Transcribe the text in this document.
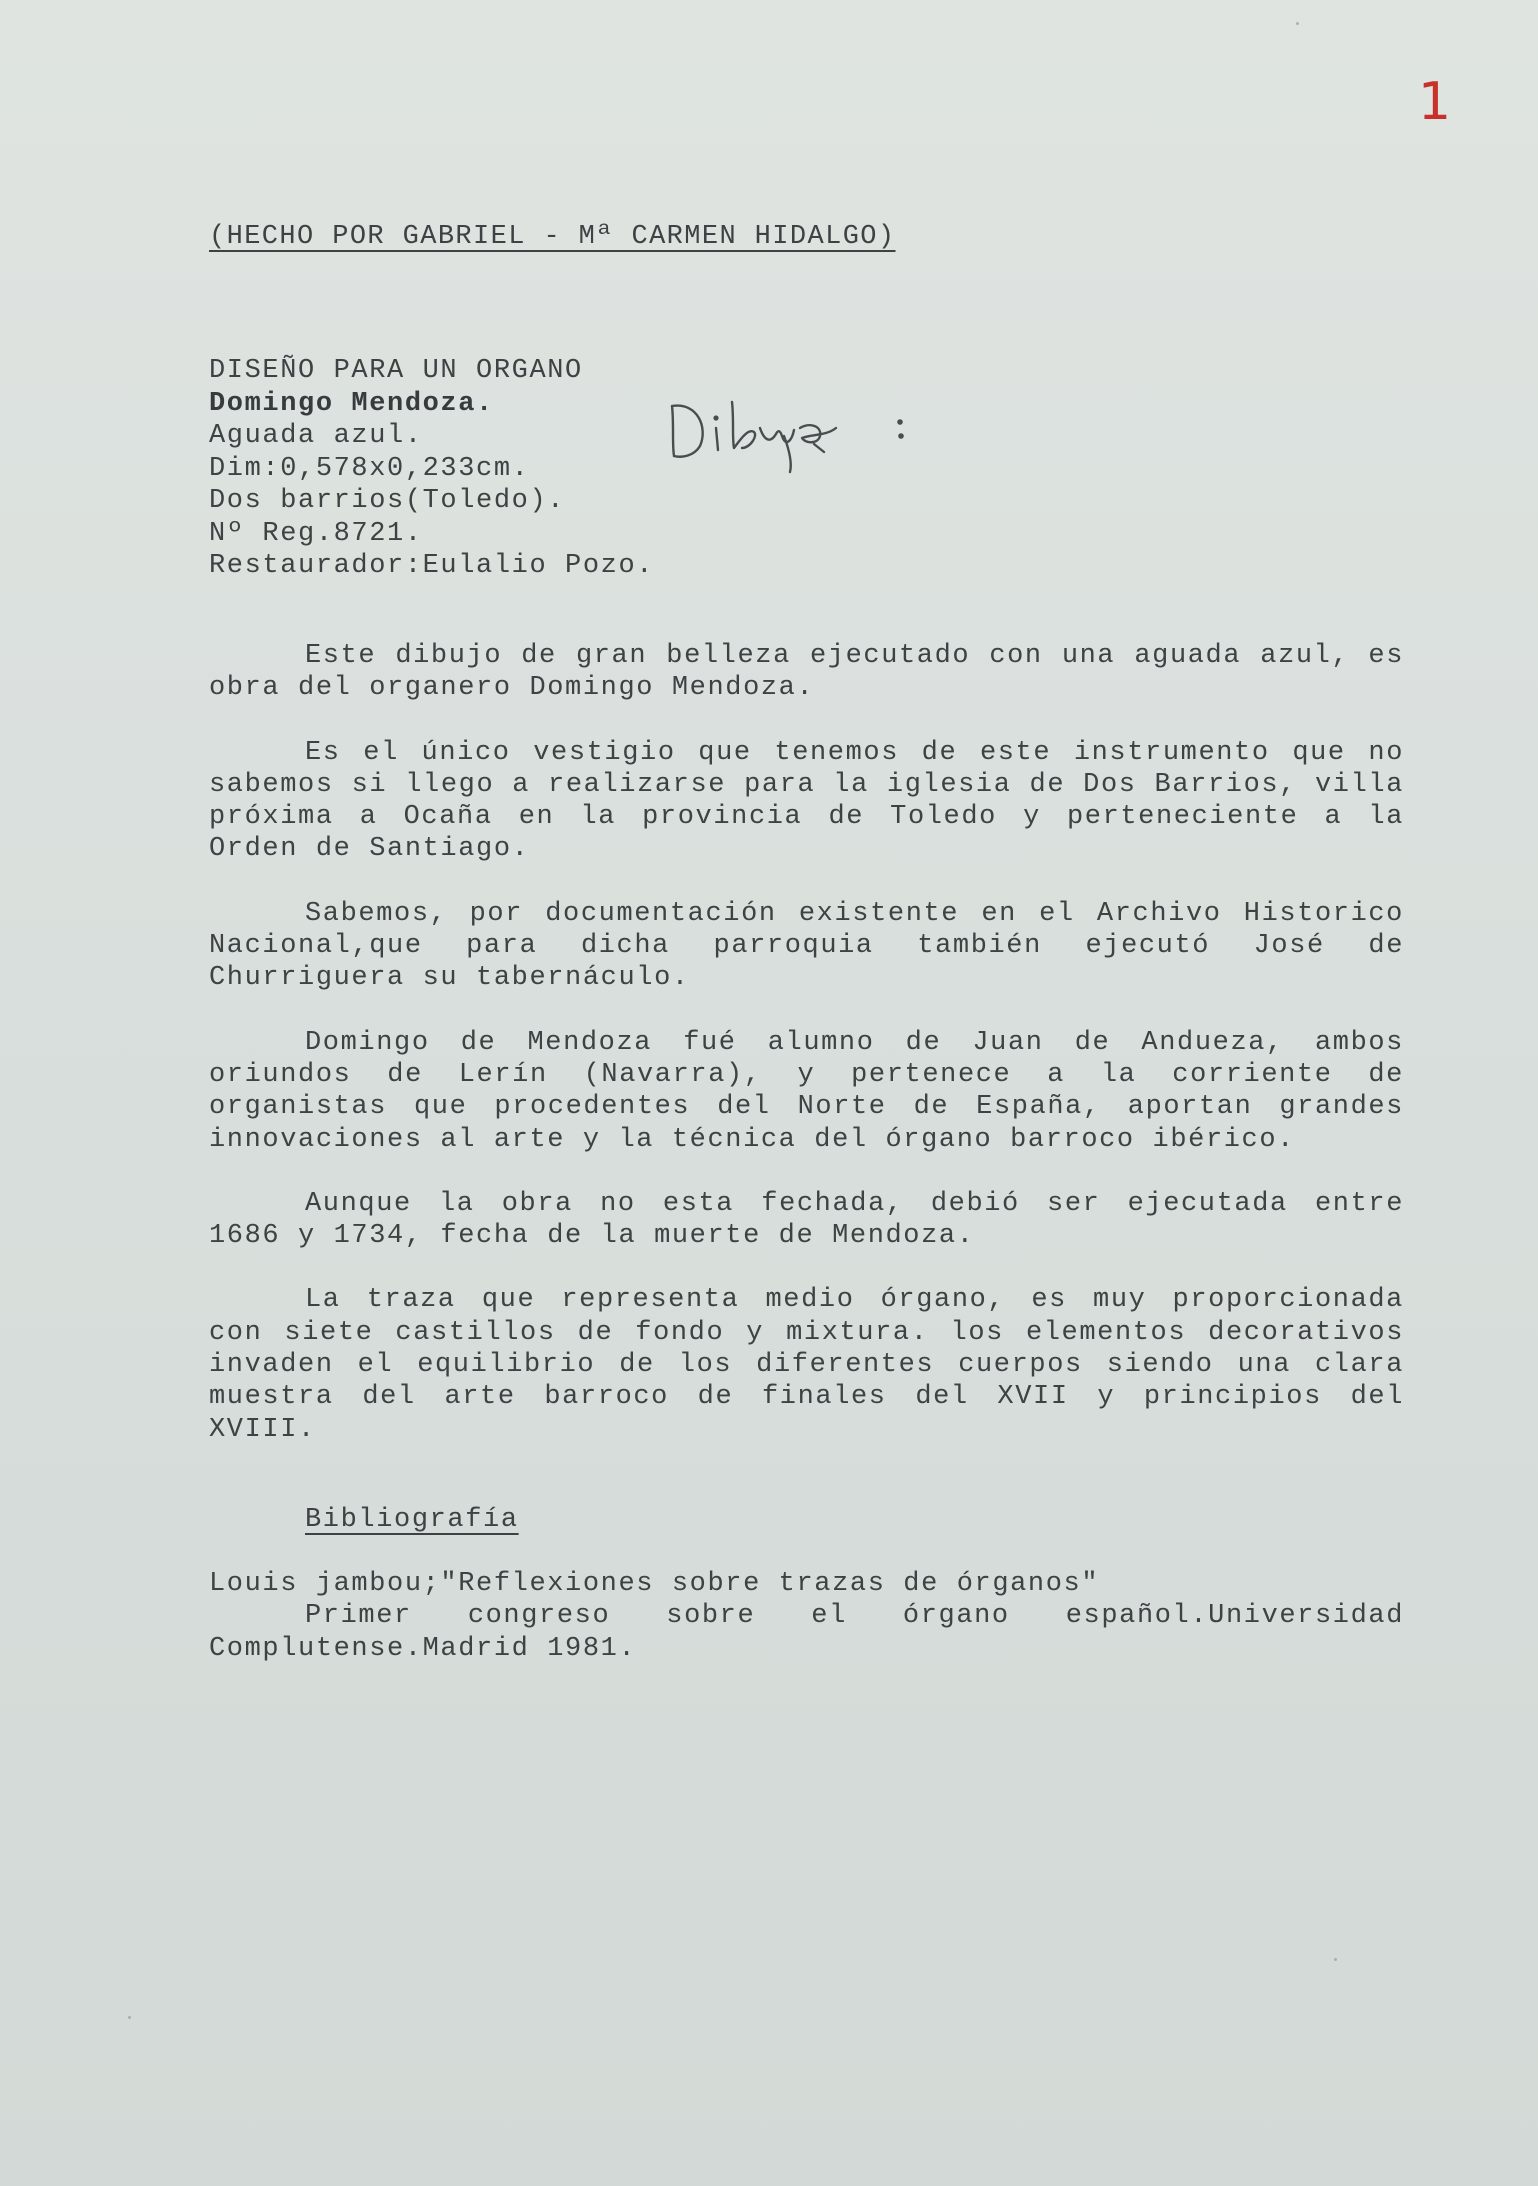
1
(HECHO POR GABRIEL - Mª CARMEN HIDALGO)
DISEÑO PARA UN ORGANO
Domingo Mendoza.
Aguada azul.
Dim:0,578x0,233cm.
Dos barrios(Toledo).
Nº Reg.8721.
Restaurador:Eulalio Pozo.

Este dibujo de gran belleza ejecutado con una aguada azul, es obra del organero Domingo Mendoza.

Es el único vestigio que tenemos de este instrumento que no sabemos si llego a realizarse para la iglesia de Dos Barrios, villa próxima a Ocaña en la provincia de Toledo y perteneciente a la Orden de Santiago.

Sabemos, por documentación existente en el Archivo Historico Nacional,que para dicha parroquia también ejecutó José de Churriguera su tabernáculo.

Domingo de Mendoza fué alumno de Juan de Andueza, ambos oriundos de Lerín (Navarra), y pertenece a la corriente de organistas que procedentes del Norte de España, aportan grandes innovaciones al arte y la técnica del órgano barroco ibérico.

Aunque la obra no esta fechada, debió ser ejecutada entre 1686 y 1734, fecha de la muerte de Mendoza.

La traza que representa medio órgano, es muy proporcionada con siete castillos de fondo y mixtura. los elementos decorativos invaden el equilibrio de los diferentes cuerpos siendo una clara muestra del arte barroco de finales del XVII y principios del XVIII.

Bibliografía
Louis jambou;"Reflexiones sobre trazas de órganos"
Primer congreso sobre el órgano español.Universidad Complutense.Madrid 1981.
